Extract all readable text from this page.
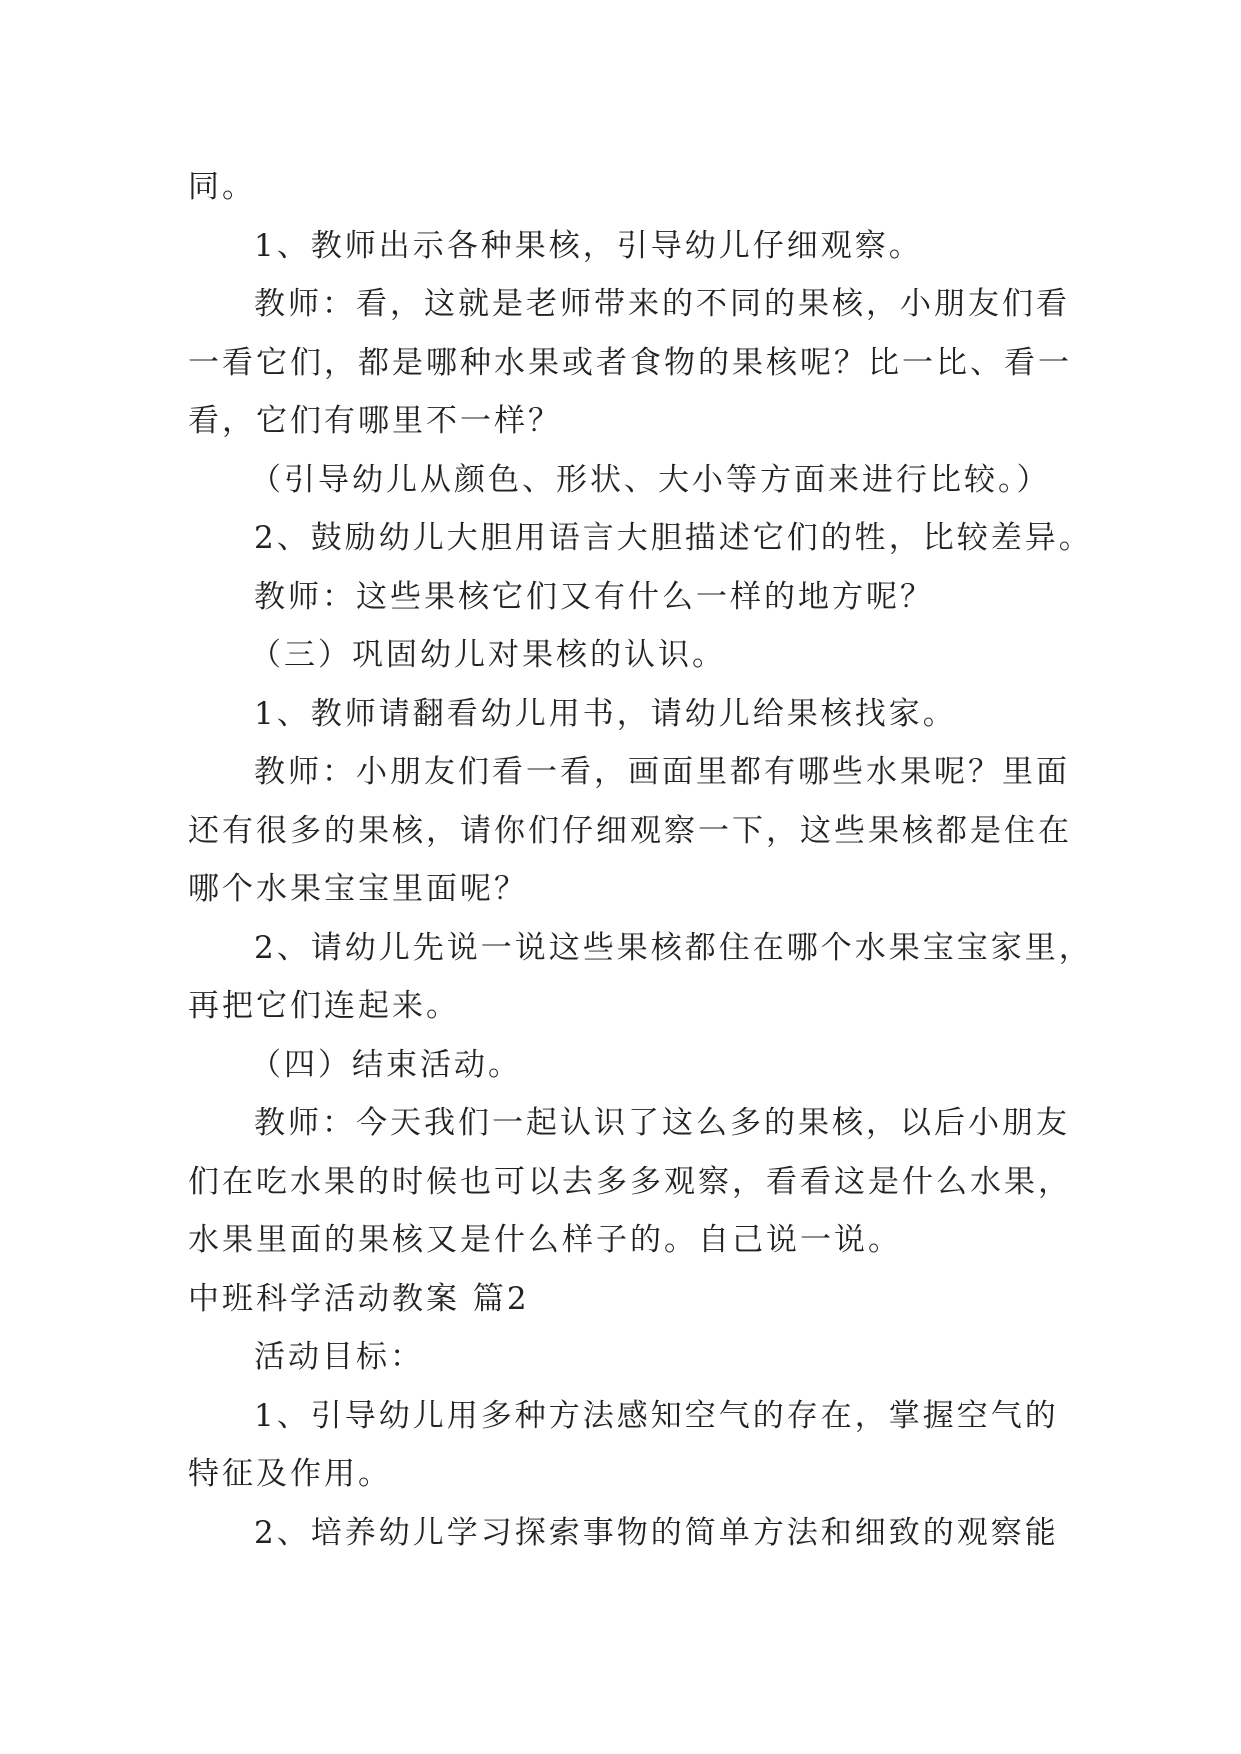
同。
1、教师出示各种果核，引导幼儿仔细观察。
教师：看，这就是老师带来的不同的果核，小朋友们看
一看它们，都是哪种水果或者食物的果核呢？比一比、看一
看，它们有哪里不一样？
（引导幼儿从颜色、形状、大小等方面来进行比较。）
2、鼓励幼儿大胆用语言大胆描述它们的牲，比较差异。
教师：这些果核它们又有什么一样的地方呢？
（三）巩固幼儿对果核的认识。
1、教师请翻看幼儿用书，请幼儿给果核找家。
教师：小朋友们看一看，画面里都有哪些水果呢？里面
还有很多的果核，请你们仔细观察一下，这些果核都是住在
哪个水果宝宝里面呢？
2、请幼儿先说一说这些果核都住在哪个水果宝宝家里，
再把它们连起来。
（四）结束活动。
教师：今天我们一起认识了这么多的果核，以后小朋友
们在吃水果的时候也可以去多多观察，看看这是什么水果，
水果里面的果核又是什么样子的。自己说一说。
中班科学活动教案 篇2
活动目标：
1、引导幼儿用多种方法感知空气的存在，掌握空气的
特征及作用。
2、培养幼儿学习探索事物的简单方法和细致的观察能
